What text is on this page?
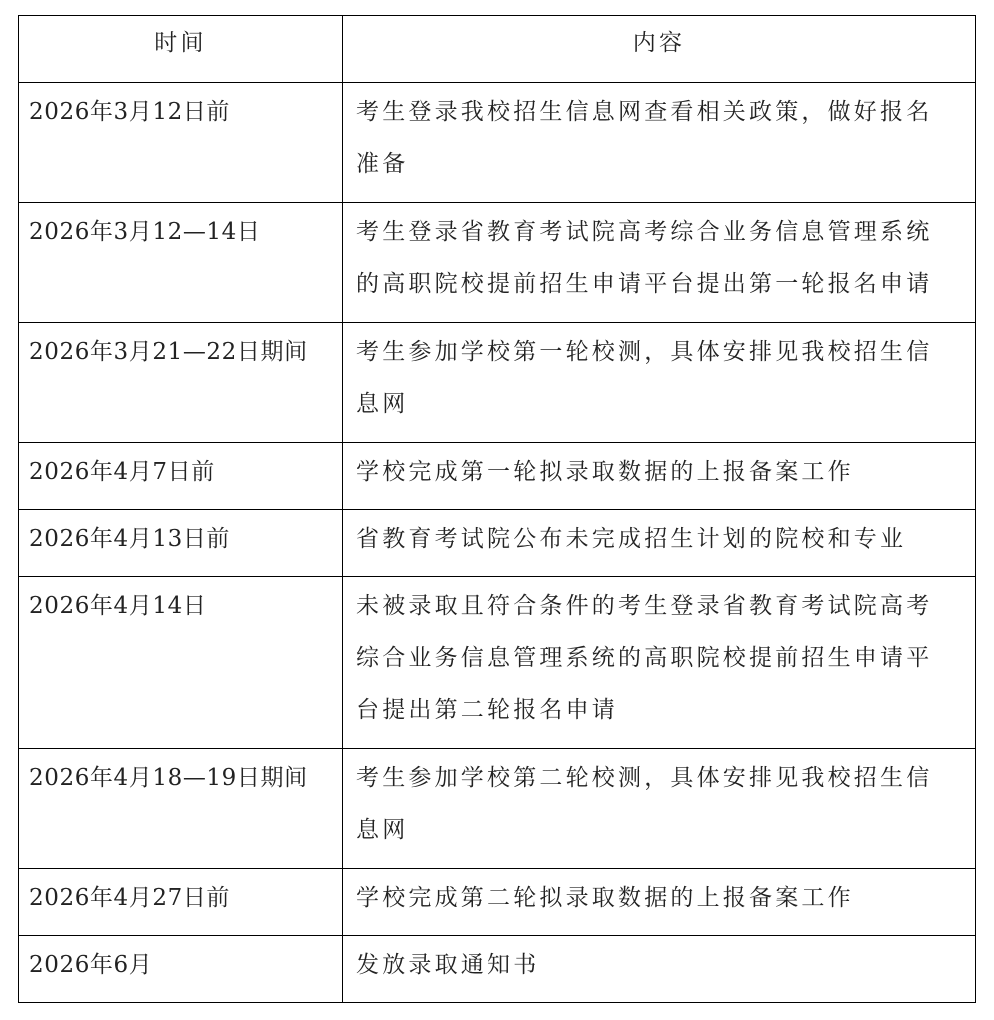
时间	内容

2026年3月12日前	考生登录我校招生信息网查看相关政策，做好报名准备

2026年3月12—14日	考生登录省教育考试院高考综合业务信息管理系统的高职院校提前招生申请平台提出第一轮报名申请

2026年3月21—22日期间	考生参加学校第一轮校测，具体安排见我校招生信息网

2026年4月7日前	学校完成第一轮拟录取数据的上报备案工作

2026年4月13日前	省教育考试院公布未完成招生计划的院校和专业

2026年4月14日	未被录取且符合条件的考生登录省教育考试院高考综合业务信息管理系统的高职院校提前招生申请平台提出第二轮报名申请

2026年4月18—19日期间	考生参加学校第二轮校测，具体安排见我校招生信息网

2026年4月27日前	学校完成第二轮拟录取数据的上报备案工作

2026年6月	发放录取通知书
